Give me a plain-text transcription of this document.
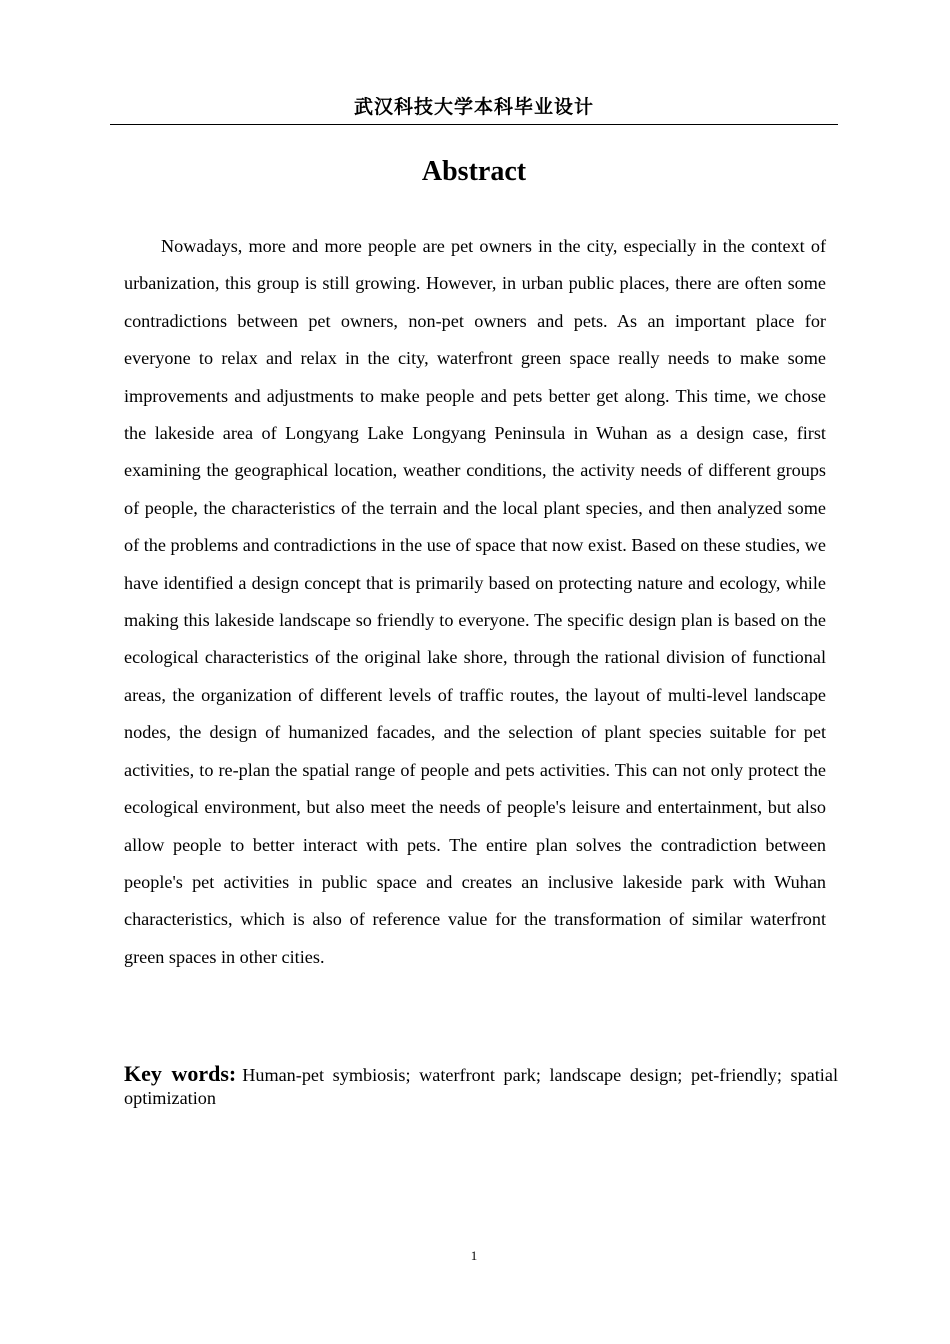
武汉科技大学本科毕业设计
Abstract

Nowadays, more and more people are pet owners in the city, especially in the context of urbanization, this group is still growing. However, in urban public places, there are often some contradictions between pet owners, non-pet owners and pets. As an important place for everyone to relax and relax in the city, waterfront green space really needs to make some improvements and adjustments to make people and pets better get along. This time, we chose the lakeside area of Longyang Lake Longyang Peninsula in Wuhan as a design case, first examining the geographical location, weather conditions, the activity needs of different groups of people, the characteristics of the terrain and the local plant species, and then analyzed some of the problems and contradictions in the use of space that now exist. Based on these studies, we have identified a design concept that is primarily based on protecting nature and ecology, while making this lakeside landscape so friendly to everyone. The specific design plan is based on the ecological characteristics of the original lake shore, through the rational division of functional areas, the organization of different levels of traffic routes, the layout of multi-level landscape nodes, the design of humanized facades, and the selection of plant species suitable for pet activities, to re-plan the spatial range of people and pets activities. This can not only protect the ecological environment, but also meet the needs of people's leisure and entertainment, but also allow people to better interact with pets. The entire plan solves the contradiction between people's pet activities in public space and creates an inclusive lakeside park with Wuhan characteristics, which is also of reference value for the transformation of similar waterfront green spaces in other cities.

Key words: Human-pet symbiosis; waterfront park; landscape design; pet-friendly; spatial optimization

1
